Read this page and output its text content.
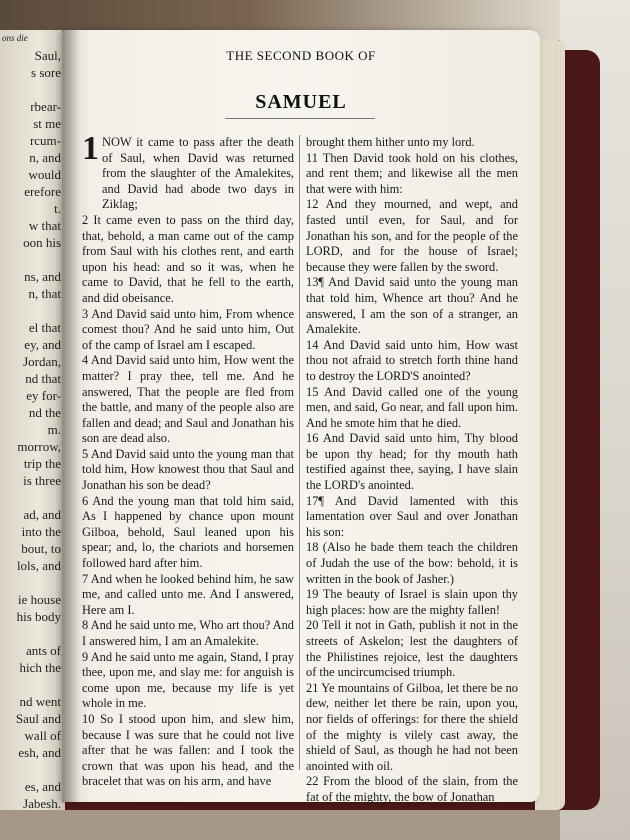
ons die
Saul,
s sore

rbear-
st me
rcum-
n, and
would
erefore
t.
w that
oon his

ns, and
n, that

el that
ey, and
Jordan,
nd that
ey for-
nd the
m.
morrow,
trip the
is three

ad, and
into the
bout, to
lols, and

ie house
his body

ants of
hich the

nd went
Saul and
wall of
esh, and

es, and
Jabesh.
THE SECOND BOOK OF
SAMUEL

1 NOW it came to pass after the death of Saul, when David was returned from the slaughter of the Amalekites, and David had abode two days in Ziklag;

2 It came even to pass on the third day, that, behold, a man came out of the camp from Saul with his clothes rent, and earth upon his head: and so it was, when he came to David, that he fell to the earth, and did obeisance.

3 And David said unto him, From whence comest thou? And he said unto him, Out of the camp of Israel am I escaped.

4 And David said unto him, How went the matter? I pray thee, tell me. And he answered, That the people are fled from the battle, and many of the people also are fallen and dead; and Saul and Jonathan his son are dead also.

5 And David said unto the young man that told him, How knowest thou that Saul and Jonathan his son be dead?

6 And the young man that told him said, As I happened by chance upon mount Gilboa, behold, Saul leaned upon his spear; and, lo, the chariots and horsemen followed hard after him.

7 And when he looked behind him, he saw me, and called unto me. And I answered, Here am I.

8 And he said unto me, Who art thou? And I answered him, I am an Amalekite.

9 And he said unto me again, Stand, I pray thee, upon me, and slay me: for anguish is come upon me, because my life is yet whole in me.

10 So I stood upon him, and slew him, because I was sure that he could not live after that he was fallen: and I took the crown that was upon his head, and the bracelet that was on his arm, and have

brought them hither unto my lord.

11 Then David took hold on his clothes, and rent them; and likewise all the men that were with him:

12 And they mourned, and wept, and fasted until even, for Saul, and for Jonathan his son, and for the people of the LORD, and for the house of Israel; because they were fallen by the sword.

13¶ And David said unto the young man that told him, Whence art thou? And he answered, I am the son of a stranger, an Amalekite.

14 And David said unto him, How wast thou not afraid to stretch forth thine hand to destroy the LORD'S anointed?

15 And David called one of the young men, and said, Go near, and fall upon him. And he smote him that he died.

16 And David said unto him, Thy blood be upon thy head; for thy mouth hath testified against thee, saying, I have slain the LORD's anointed.

17¶ And David lamented with this lamentation over Saul and over Jonathan his son:

18 (Also he bade them teach the children of Judah the use of the bow: behold, it is written in the book of Jasher.)

19 The beauty of Israel is slain upon thy high places: how are the mighty fallen!

20 Tell it not in Gath, publish it not in the streets of Askelon; lest the daughters of the Philistines rejoice, lest the daughters of the uncircumcised triumph.

21 Ye mountains of Gilboa, let there be no dew, neither let there be rain, upon you, nor fields of offerings: for there the shield of the mighty is vilely cast away, the shield of Saul, as though he had not been anointed with oil.

22 From the blood of the slain, from the fat of the mighty, the bow of Jonathan
